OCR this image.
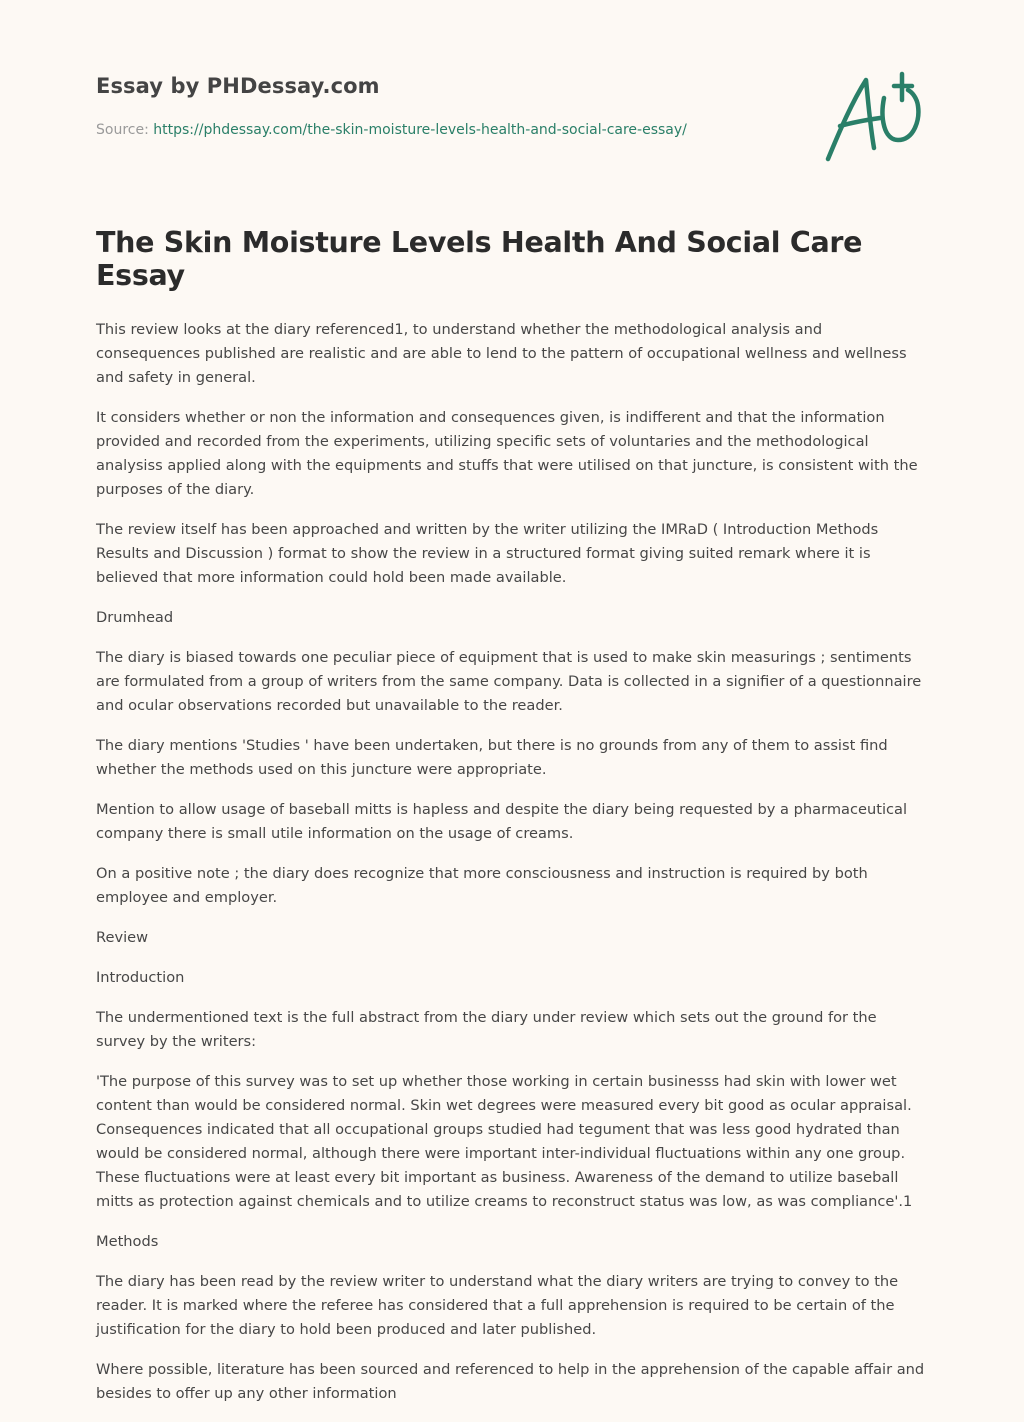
Essay by PHDessay.com
Source: https://phdessay.com/the-skin-moisture-levels-health-and-social-care-essay/
The Skin Moisture Levels Health And Social Care Essay

This review looks at the diary referenced1, to understand whether the methodological analysis and consequences published are realistic and are able to lend to the pattern of occupational wellness and wellness and safety in general.

It considers whether or non the information and consequences given, is indifferent and that the information provided and recorded from the experiments, utilizing specific sets of voluntaries and the methodological analysiss applied along with the equipments and stuffs that were utilised on that juncture, is consistent with the purposes of the diary.

The review itself has been approached and written by the writer utilizing the IMRaD ( Introduction Methods Results and Discussion ) format to show the review in a structured format giving suited remark where it is believed that more information could hold been made available.

Drumhead

The diary is biased towards one peculiar piece of equipment that is used to make skin measurings ; sentiments are formulated from a group of writers from the same company. Data is collected in a signifier of a questionnaire and ocular observations recorded but unavailable to the reader.

The diary mentions 'Studies ' have been undertaken, but there is no grounds from any of them to assist find whether the methods used on this juncture were appropriate.

Mention to allow usage of baseball mitts is hapless and despite the diary being requested by a pharmaceutical company there is small utile information on the usage of creams.

On a positive note ; the diary does recognize that more consciousness and instruction is required by both employee and employer.

Review

Introduction

The undermentioned text is the full abstract from the diary under review which sets out the ground for the survey by the writers:

'The purpose of this survey was to set up whether those working in certain businesss had skin with lower wet content than would be considered normal. Skin wet degrees were measured every bit good as ocular appraisal. Consequences indicated that all occupational groups studied had tegument that was less good hydrated than would be considered normal, although there were important inter-individual fluctuations within any one group. These fluctuations were at least every bit important as business. Awareness of the demand to utilize baseball mitts as protection against chemicals and to utilize creams to reconstruct status was low, as was compliance'.1

Methods

The diary has been read by the review writer to understand what the diary writers are trying to convey to the reader. It is marked where the referee has considered that a full apprehension is required to be certain of the justification for the diary to hold been produced and later published.

Where possible, literature has been sourced and referenced to help in the apprehension of the capable affair and besides to offer up any other information
